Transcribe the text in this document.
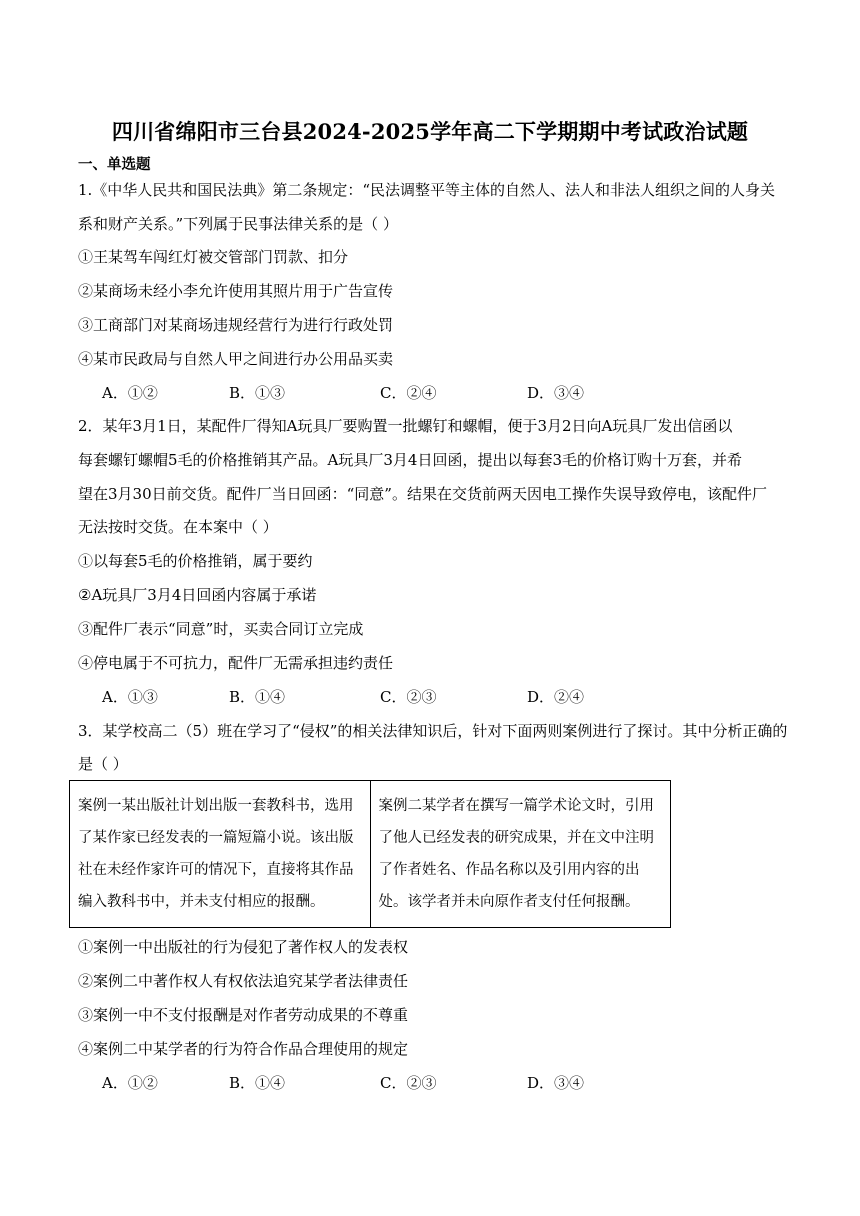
四川省绵阳市三台县2024-2025学年高二下学期期中考试政治试题
一、单选题
1.《中华人民共和国民法典》第二条规定：“民法调整平等主体的自然人、法人和非法人组织之间的人身关
系和财产关系。”下列属于民事法律关系的是（ ）
①王某驾车闯红灯被交管部门罚款、扣分
②某商场未经小李允许使用其照片用于广告宣传
③工商部门对某商场违规经营行为进行行政处罚
④某市民政局与自然人甲之间进行办公用品买卖
A．①②	B．①③	C．②④	D．③④
2．某年3月1日，某配件厂得知A玩具厂要购置一批螺钉和螺帽，便于3月2日向A玩具厂发出信函以
每套螺钉螺帽5毛的价格推销其产品。A玩具厂3月4日回函，提出以每套3毛的价格订购十万套，并希
望在3月30日前交货。配件厂当日回函：“同意”。结果在交货前两天因电工操作失误导致停电，该配件厂
无法按时交货。在本案中（ ）
①以每套5毛的价格推销，属于要约
②A玩具厂3月4日回函内容属于承诺
③配件厂表示“同意”时，买卖合同订立完成
④停电属于不可抗力，配件厂无需承担违约责任
A．①③	B．①④	C．②③	D．②④
3．某学校高二（5）班在学习了“侵权”的相关法律知识后，针对下面两则案例进行了探讨。其中分析正确的
是（ ）
案例一某出版社计划出版一套教科书，选用了某作家已经发表的一篇短篇小说。该出版社在未经作家许可的情况下，直接将其作品编入教科书中，并未支付相应的报酬。	案例二某学者在撰写一篇学术论文时，引用了他人已经发表的研究成果，并在文中注明了作者姓名、作品名称以及引用内容的出处。该学者并未向原作者支付任何报酬。
①案例一中出版社的行为侵犯了著作权人的发表权
②案例二中著作权人有权依法追究某学者法律责任
③案例一中不支付报酬是对作者劳动成果的不尊重
④案例二中某学者的行为符合作品合理使用的规定
A．①②	B．①④	C．②③	D．③④
